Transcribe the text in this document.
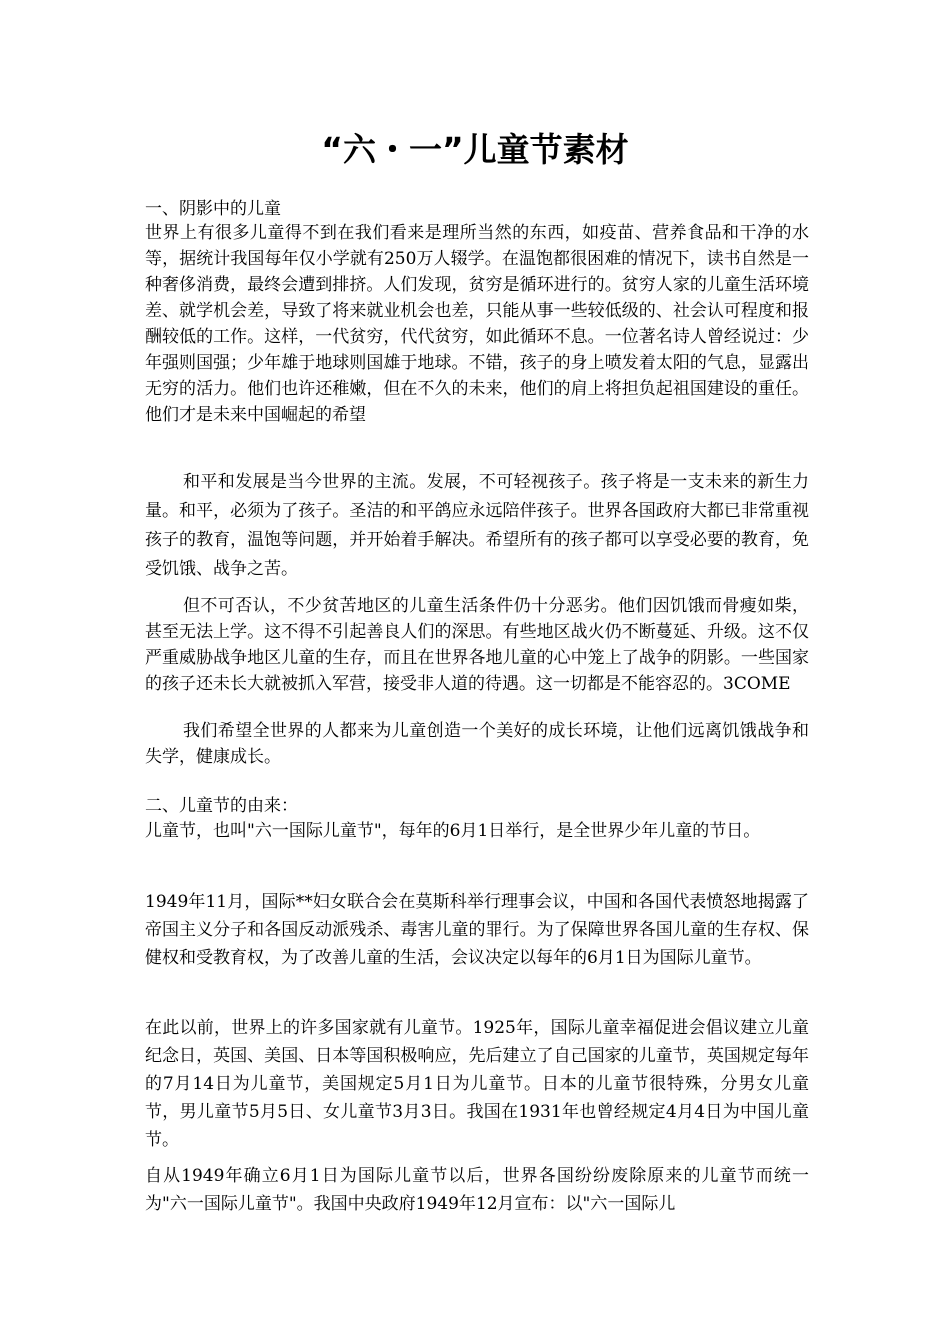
“六・一”儿童节素材
一、阴影中的儿童
世界上有很多儿童得不到在我们看来是理所当然的东西，如疫苗、营养食品和干净的水等，据统计我国每年仅小学就有250万人辍学。在温饱都很困难的情况下，读书自然是一种奢侈消费，最终会遭到排挤。人们发现，贫穷是循环进行的。贫穷人家的儿童生活环境差、就学机会差，导致了将来就业机会也差，只能从事一些较低级的、社会认可程度和报酬较低的工作。这样，一代贫穷，代代贫穷，如此循环不息。一位著名诗人曾经说过：少年强则国强；少年雄于地球则国雄于地球。不错，孩子的身上喷发着太阳的气息，显露出无穷的活力。他们也许还稚嫩，但在不久的未来，他们的肩上将担负起祖国建设的重任。他们才是未来中国崛起的希望
和平和发展是当今世界的主流。发展，不可轻视孩子。孩子将是一支未来的新生力量。和平，必须为了孩子。圣洁的和平鸽应永远陪伴孩子。世界各国政府大都已非常重视孩子的教育，温饱等问题，并开始着手解决。希望所有的孩子都可以享受必要的教育，免受饥饿、战争之苦。
但不可否认，不少贫苦地区的儿童生活条件仍十分恶劣。他们因饥饿而骨瘦如柴，甚至无法上学。这不得不引起善良人们的深思。有些地区战火仍不断蔓延、升级。这不仅严重威胁战争地区儿童的生存，而且在世界各地儿童的心中笼上了战争的阴影。一些国家的孩子还未长大就被抓入军营，接受非人道的待遇。这一切都是不能容忍的。3COME
我们希望全世界的人都来为儿童创造一个美好的成长环境，让他们远离饥饿战争和失学，健康成长。
二、儿童节的由来：
儿童节，也叫"六一国际儿童节"，每年的6月1日举行，是全世界少年儿童的节日。
1949年11月，国际**妇女联合会在莫斯科举行理事会议，中国和各国代表愤怒地揭露了帝国主义分子和各国反动派残杀、毒害儿童的罪行。为了保障世界各国儿童的生存权、保健权和受教育权，为了改善儿童的生活，会议决定以每年的6月1日为国际儿童节。
在此以前，世界上的许多国家就有儿童节。1925年，国际儿童幸福促进会倡议建立儿童纪念日，英国、美国、日本等国积极响应，先后建立了自己国家的儿童节，英国规定每年的7月14日为儿童节，美国规定5月1日为儿童节。日本的儿童节很特殊，分男女儿童节，男儿童节5月5日、女儿童节3月3日。我国在1931年也曾经规定4月4日为中国儿童节。
自从1949年确立6月1日为国际儿童节以后，世界各国纷纷废除原来的儿童节而统一为"六一国际儿童节"。我国中央政府1949年12月宣布：以"六一国际儿
